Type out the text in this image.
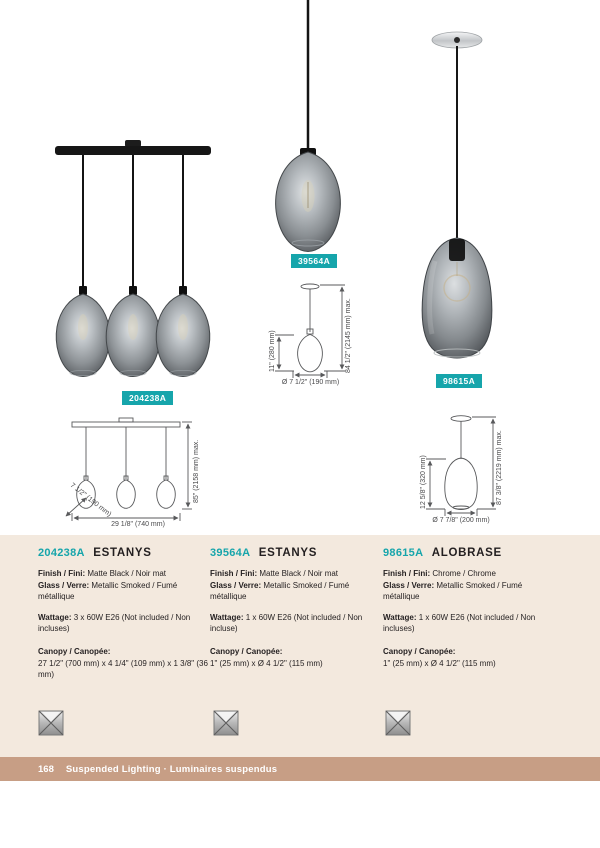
204238A
39564A
98615A
85" (2158 mm) max.
7 1/2" (190 mm)
29 1/8" (740 mm)
84 1/2" (2145 mm) max.
11" (280 mm)
Ø 7 1/2" (190 mm)
87 3/8" (2219 mm) max.
12 5/8" (320 mm)
Ø 7 7/8" (200 mm)
204238A ESTANYS
Finish / Fini: Matte Black / Noir mat
Glass / Verre: Metallic Smoked / Fumé métallique
Wattage: 3 x 60W E26 (Not included / Non incluses)
Canopy / Canopée:
27 1/2" (700 mm) x 4 1/4" (109 mm) x 1 3/8" (36 mm)
39564A ESTANYS
Finish / Fini: Matte Black / Noir mat
Glass / Verre: Metallic Smoked / Fumé métallique
Wattage: 1 x 60W E26 (Not included / Non incluse)
Canopy / Canopée:
1" (25 mm) x Ø 4 1/2" (115 mm)
98615A ALOBRASE
Finish / Fini: Chrome / Chrome
Glass / Verre: Metallic Smoked / Fumé métallique
Wattage: 1 x 60W E26 (Not included / Non incluses)
Canopy / Canopée:
1" (25 mm) x Ø 4 1/2" (115 mm)
168 Suspended Lighting · Luminaires suspendus
